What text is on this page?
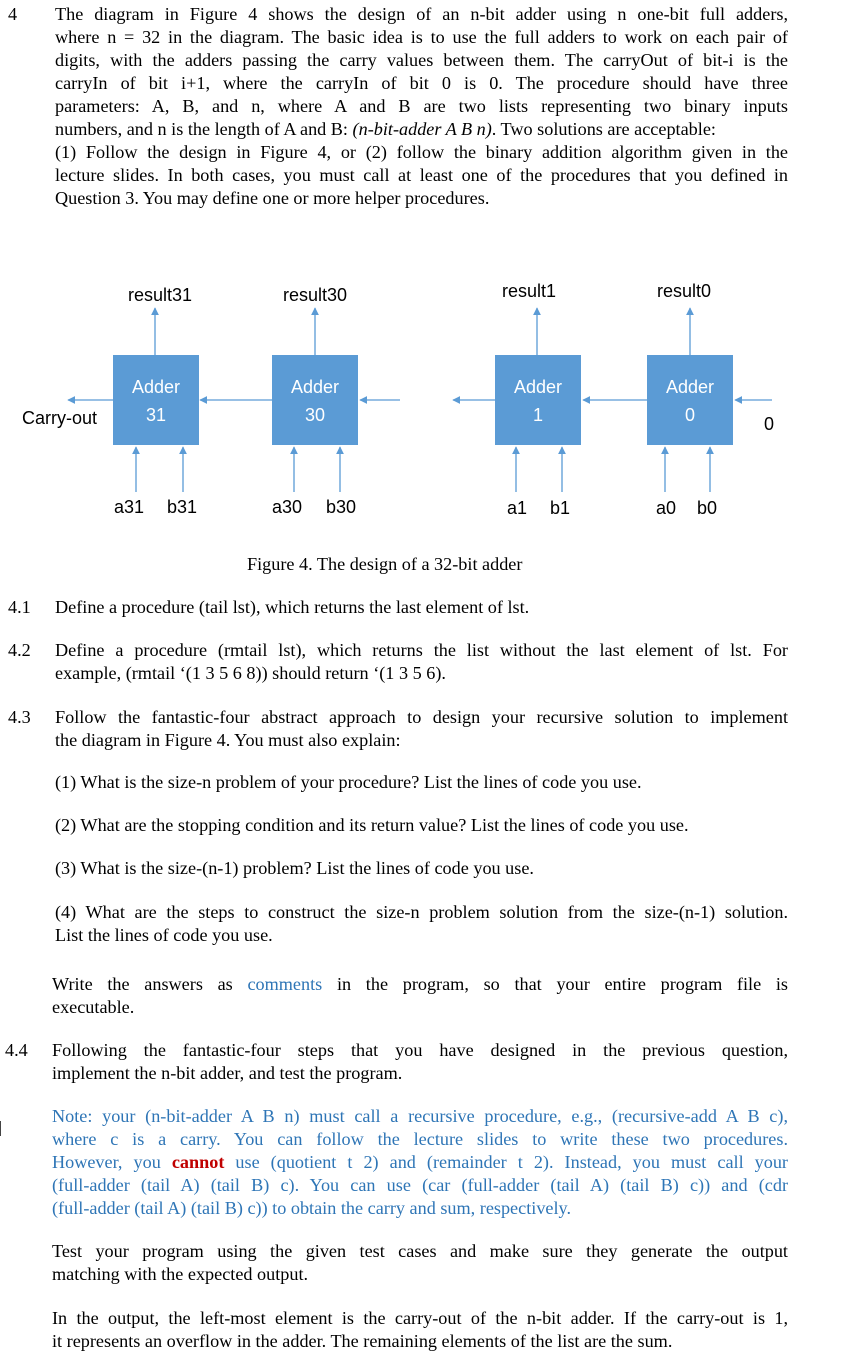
4 The diagram in Figure 4 shows the design of an n-bit adder using n one-bit full adders,
where n = 32 in the diagram. The basic idea is to use the full adders to work on each pair of
digits, with the adders passing the carry values between them. The carryOut of bit-i is the
carryIn of bit i+1, where the carryIn of bit 0 is 0. The procedure should have three
parameters: A, B, and n, where A and B are two lists representing two binary inputs
numbers, and n is the length of A and B: (n-bit-adder A B n). Two solutions are acceptable:
(1) Follow the design in Figure 4, or (2) follow the binary addition algorithm given in the
lecture slides. In both cases, you must call at least one of the procedures that you defined in
Question 3. You may define one or more helper procedures.
result31	result30	result1	result0
Adder
31
Adder
30
Adder
1
Adder
0
Carry-out	0
a31 b31	a30 b30	a1 b1	a0 b0
Figure 4. The design of a 32-bit adder
4.1 Define a procedure (tail lst), which returns the last element of lst.
4.2 Define a procedure (rmtail lst), which returns the list without the last element of lst. For
example, (rmtail ‘(1 3 5 6 8)) should return ‘(1 3 5 6).
4.3 Follow the fantastic-four abstract approach to design your recursive solution to implement
the diagram in Figure 4. You must also explain:
(1) What is the size-n problem of your procedure? List the lines of code you use.
(2) What are the stopping condition and its return value? List the lines of code you use.
(3) What is the size-(n-1) problem? List the lines of code you use.
(4) What are the steps to construct the size-n problem solution from the size-(n-1) solution.
List the lines of code you use.
Write the answers as comments in the program, so that your entire program file is
executable.
4.4 Following the fantastic-four steps that you have designed in the previous question,
implement the n-bit adder, and test the program.
Note: your (n-bit-adder A B n) must call a recursive procedure, e.g., (recursive-add A B c),
where c is a carry. You can follow the lecture slides to write these two procedures.
However, you cannot use (quotient t 2) and (remainder t 2). Instead, you must call your
(full-adder (tail A) (tail B) c). You can use (car (full-adder (tail A) (tail B) c)) and (cdr
(full-adder (tail A) (tail B) c)) to obtain the carry and sum, respectively.
Test your program using the given test cases and make sure they generate the output
matching with the expected output.
In the output, the left-most element is the carry-out of the n-bit adder. If the carry-out is 1,
it represents an overflow in the adder. The remaining elements of the list are the sum.
